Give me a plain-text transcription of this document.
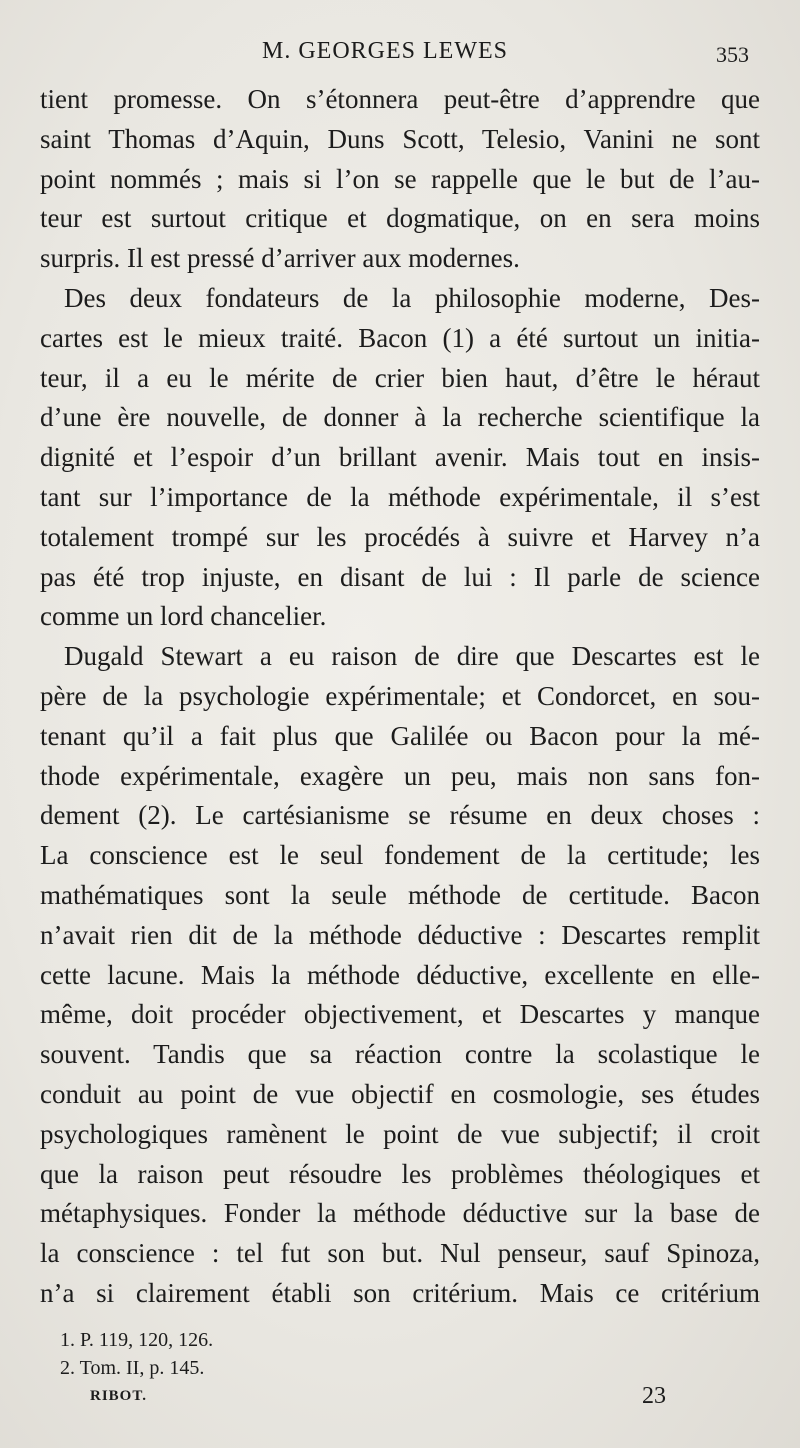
M. GEORGES LEWES	353
tient promesse. On s’étonnera peut-être d’apprendre que
saint Thomas d’Aquin, Duns Scott, Telesio, Vanini ne sont
point nommés ; mais si l’on se rappelle que le but de l’au-
teur est surtout critique et dogmatique, on en sera moins
surpris. Il est pressé d’arriver aux modernes.
Des deux fondateurs de la philosophie moderne, Des-
cartes est le mieux traité. Bacon (1) a été surtout un initia-
teur, il a eu le mérite de crier bien haut, d’être le héraut
d’une ère nouvelle, de donner à la recherche scientifique la
dignité et l’espoir d’un brillant avenir. Mais tout en insis-
tant sur l’importance de la méthode expérimentale, il s’est
totalement trompé sur les procédés à suivre et Harvey n’a
pas été trop injuste, en disant de lui : Il parle de science
comme un lord chancelier.
Dugald Stewart a eu raison de dire que Descartes est le
père de la psychologie expérimentale; et Condorcet, en sou-
tenant qu’il a fait plus que Galilée ou Bacon pour la mé-
thode expérimentale, exagère un peu, mais non sans fon-
dement (2). Le cartésianisme se résume en deux choses :
La conscience est le seul fondement de la certitude; les
mathématiques sont la seule méthode de certitude. Bacon
n’avait rien dit de la méthode déductive : Descartes remplit
cette lacune. Mais la méthode déductive, excellente en elle-
même, doit procéder objectivement, et Descartes y manque
souvent. Tandis que sa réaction contre la scolastique le
conduit au point de vue objectif en cosmologie, ses études
psychologiques ramènent le point de vue subjectif; il croit
que la raison peut résoudre les problèmes théologiques et
métaphysiques. Fonder la méthode déductive sur la base de
la conscience : tel fut son but. Nul penseur, sauf Spinoza,
n’a si clairement établi son critérium. Mais ce critérium
1. P. 119, 120, 126.
2. Tom. II, p. 145.
RIBOT.	23
